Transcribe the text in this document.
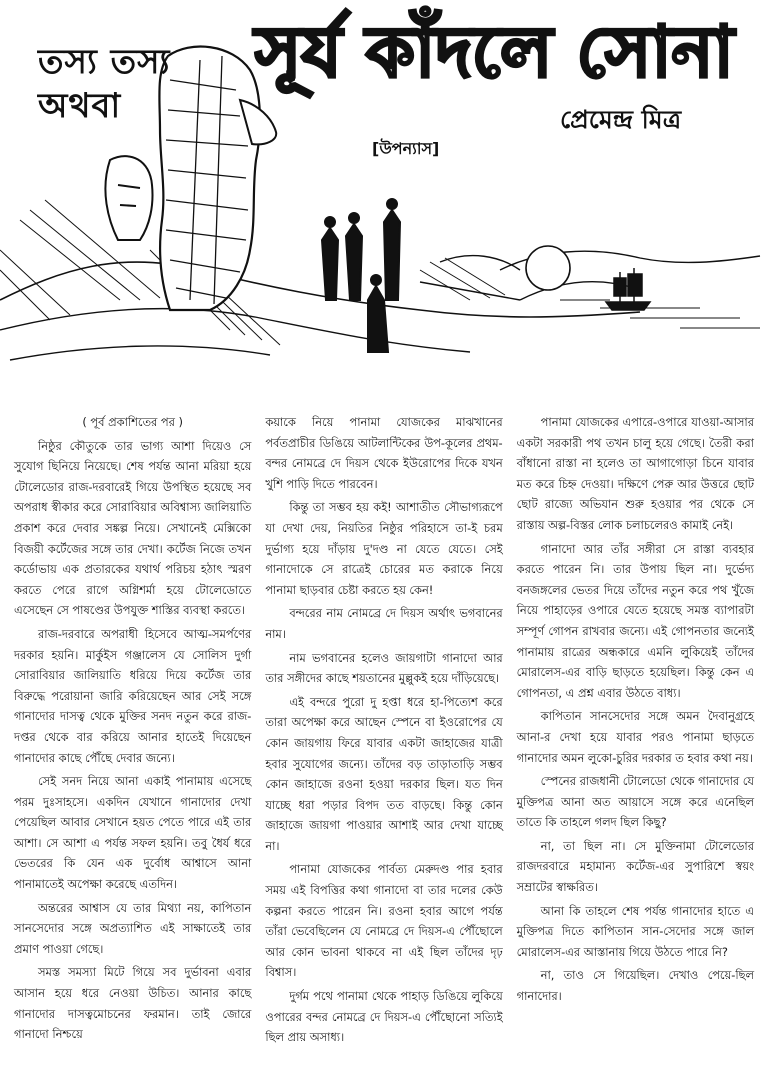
তস্য তস্য
অথবা
সূর্য কাঁদলে সোনা
প্রেমেন্দ্র মিত্র
[উপন্যাস]

( পূর্ব প্রকাশিতের পর )

নিষ্ঠুর কৌতুকে তার ভাগ্য আশা দিয়েও সে সুযোগ ছিনিয়ে নিয়েছে। শেষ পর্যন্ত আনা মরিয়া হয়ে টোলেডোর রাজ-দরবারেই গিয়ে উপস্থিত হয়েছে সব অপরাধ স্বীকার করে সোরাবিয়ার অবিশ্বাস্য জালিয়াতি প্রকাশ করে দেবার সঙ্কল্প নিয়ে। সেখানেই মেক্সিকো বিজয়ী কর্টেজের সঙ্গে তার দেখা। কর্টেজ নিজে তখন কর্ডোভায় এক প্রতারকের যথার্থ পরিচয় হঠাৎ স্মরণ করতে পেরে রাগে অগ্নিশর্মা হয়ে টোলেডোতে এসেছেন সে পাষণ্ডের উপযুক্ত শাস্তির ব্যবস্থা করতে।

রাজ-দরবারে অপরাধী হিসেবে আত্ম-সমর্পণের দরকার হয়নি। মার্কুইস গঞ্জালেস যে সোলিস দুর্গা সোরাবিয়ার জালিয়াতি ধরিয়ে দিয়ে কর্টেজ তার বিরুদ্ধে পরোয়ানা জারি করিয়েছেন আর সেই সঙ্গে গানাদোর দাসত্ব থেকে মুক্তির সনদ নতুন করে রাজ-দপ্তর থেকে বার করিয়ে আনার হাতেই দিয়েছেন গানাদোর কাছে পৌঁছে দেবার জন্যে।

সেই সনদ নিয়ে আনা একাই পানামায় এসেছে পরম দুঃসাহসে। একদিন যেখানে গানাদোর দেখা পেয়েছিল আবার সেখানে হয়ত পেতে পারে এই তার আশা। সে আশা এ পর্যন্ত সফল হয়নি। তবু ধৈর্য ধরে ভেতরের কি যেন এক দুর্বোধ আশ্বাসে আনা পানামাতেই অপেক্ষা করেছে এতদিন।

অন্তরের আশ্বাস যে তার মিথ্যা নয়, কাপিতান সানসেদোর সঙ্গে অপ্রত্যাশিত এই সাক্ষাতেই তার প্রমাণ পাওয়া গেছে।

সমস্ত সমস্যা মিটে গিয়ে সব দুর্ভাবনা এবার আসান হয়ে ধরে নেওয়া উচিত। আনার কাছে গানাদোর দাসত্বমোচনের ফরমান। তাই জোরে গানাদো নিশ্চয়ে

কয়াকে নিয়ে পানামা যোজকের মাঝখানের পর্বতপ্রাচীর ডিঙিয়ে আটলান্টিকের উপ-কূলের প্রথম-বন্দর নোমব্রে দে দিয়স থেকে ইউরোপের দিকে যখন খুশি পাড়ি দিতে পারবেন।

কিন্তু তা সম্ভব হয় কই! আশাতীত সৌভাগ্যরূপে যা দেখা দেয়, নিয়তির নিষ্ঠুর পরিহাসে তা-ই চরম দুর্ভাগ্য হয়ে দাঁড়ায় দু'দণ্ড না যেতে যেতে। সেই গানাদোকে সে রাত্রেই চোরের মত করাকে নিয়ে পানামা ছাড়বার চেষ্টা করতে হয় কেন!

বন্দরের নাম নোমব্রে দে দিয়স অর্থাৎ ভগবানের নাম।

নাম ভগবানের হলেও জায়গাটা গানাদো আর তার সঙ্গীদের কাছে শয়তানের মুল্লুকই হয়ে দাঁড়িয়েছে।

এই বন্দরে পুরো দু হপ্তা ধরে হা-পিত্যেশ করে তারা অপেক্ষা করে আছেন স্পেনে বা ইওরোপের যে কোন জায়গায় ফিরে যাবার একটা জাহাজের যাত্রী হবার সুযোগের জন্যে। তাঁদের বড় তাড়াতাড়ি সম্ভব কোন জাহাজে রওনা হওয়া দরকার ছিল। যত দিন যাচ্ছে ধরা পড়ার বিপদ তত বাড়ছে। কিন্তু কোন জাহাজে জায়গা পাওয়ার আশাই আর দেখা যাচ্ছে না।

পানামা যোজকের পার্বত্য মেরুদণ্ড পার হবার সময় এই বিপত্তির কথা গানাদো বা তার দলের কেউ কল্পনা করতে পারেন নি। রওনা হবার আগে পর্যন্ত তাঁরা ভেবেছিলেন যে নোমব্রে দে দিয়স-এ পৌঁছোলে আর কোন ভাবনা থাকবে না এই ছিল তাঁদের দৃঢ় বিশ্বাস।

দুর্গম পথে পানামা থেকে পাহাড় ডিঙিয়ে লুকিয়ে ওপারের বন্দর নোমব্রে দে দিয়স-এ পৌঁছোনো সত্যিই ছিল প্রায় অসাধ্য।

পানামা যোজকের এপারে-ওপারে যাওয়া-আসার একটা সরকারী পথ তখন চালু হয়ে গেছে। তৈরী করা বাঁধানো রাস্তা না হলেও তা আগাগোড়া চিনে যাবার মত করে চিহ্ন দেওয়া। দক্ষিণে পেরু আর উত্তরে ছোট ছোট রাজ্যে অভিযান শুরু হওয়ার পর থেকে সে রাস্তায় অল্প-বিস্তর লোক চলাচলেরও কামাই নেই।

গানাদো আর তাঁর সঙ্গীরা সে রাস্তা ব্যবহার করতে পারেন নি। তার উপায় ছিল না। দুর্ভেদ্য বনজঙ্গলের ভেতর দিয়ে তাঁদের নতুন করে পথ খুঁজে নিয়ে পাহাড়ের ওপারে যেতে হয়েছে সমস্ত ব্যাপারটা সম্পূর্ণ গোপন রাখবার জন্যে। এই গোপনতার জন্যেই পানামায় রাত্রের অন্ধকারে এমনি লুকিয়েই তাঁদের মোরালেস-এর বাড়ি ছাড়তে হয়েছিল। কিন্তু কেন এ গোপনতা, এ প্রশ্ন এবার উঠতে বাধ্য।

কাপিতান সানসেদোর সঙ্গে অমন দৈবানুগ্রহে আনা-র দেখা হয়ে যাবার পরও পানামা ছাড়তে গানাদোর অমন লুকো-চুরির দরকার ত হবার কথা নয়।

স্পেনের রাজধানী টোলেডো থেকে গানাদোর যে মুক্তিপত্র আনা অত আয়াসে সঙ্গে করে এনেছিল তাতে কি তাহলে গলদ ছিল কিছু?

না, তা ছিল না। সে মুক্তিনামা টোলেডোর রাজদরবারে মহামান্য কর্টেজ-এর সুপারিশে স্বয়ং সম্রাটের স্বাক্ষরিত।

আনা কি তাহলে শেষ পর্যন্ত গানাদোর হাতে এ মুক্তিপত্র দিতে কাপিতান সান-সেদোর সঙ্গে জাল মোরালেস-এর আস্তানায় গিয়ে উঠতে পারে নি?

না, তাও সে গিয়েছিল। দেখাও পেয়ে-ছিল গানাদোর।
